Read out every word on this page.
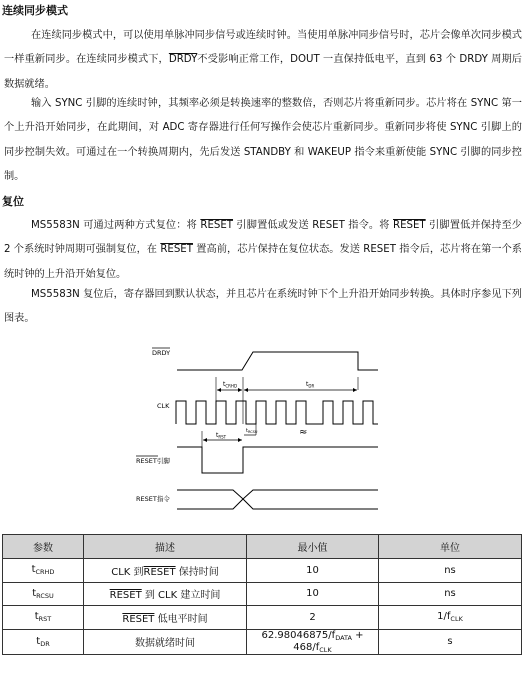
连续同步模式

在连续同步模式中，可以使用单脉冲同步信号或连续时钟。当使用单脉冲同步信号时，芯片会像单次同步模式一样重新同步。在连续同步模式下，DRDY不受影响正常工作，DOUT 一直保持低电平，直到 63 个 DRDY 周期后数据就绪。

输入 SYNC 引脚的连续时钟，其频率必须是转换速率的整数倍，否则芯片将重新同步。芯片将在 SYNC 第一个上升沿开始同步，在此期间，对 ADC 寄存器进行任何写操作会使芯片重新同步。重新同步将使 SYNC 引脚上的同步控制失效。可通过在一个转换周期内，先后发送 STANDBY 和 WAKEUP 指令来重新使能 SYNC 引脚的同步控制。

复位

MS5583N 可通过两种方式复位：将 RESET 引脚置低或发送 RESET 指令。将 RESET 引脚置低并保持至少 2 个系统时钟周期可强制复位，在 RESET 置高前，芯片保持在复位状态。发送 RESET 指令后，芯片将在第一个系统时钟的上升沿开始复位。

MS5583N 复位后，寄存器回到默认状态，并且芯片在系统时钟下个上升沿开始同步转换。具体时序参见下列图表。

DRDY
CLK
RESET引脚
RESET指令
≈
$t_{CRHD}$	$t_{DR}$
$t_{RCSU}$
$t_{RST}$
参数	描述	最小值	单位
$t_{CRHD}$	CLK 到RESET 保持时间	10	ns
$t_{RCSU}$	RESET 到 CLK 建立时间	10	ns
$t_{RST}$	RESET 低电平时间	2	$1/f_{CLK}$
$t_{DR}$	数据就绪时间	$62.98046875/f_{DATA} + 468/f_{CLK}$	s
